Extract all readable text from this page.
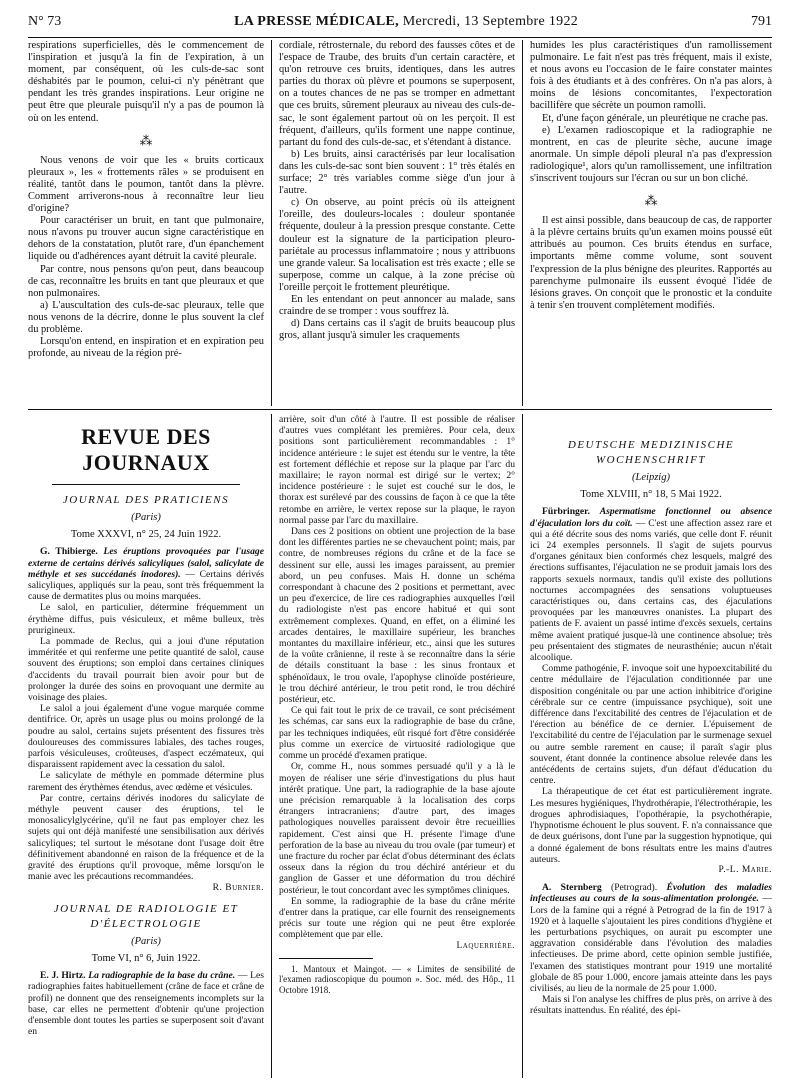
N° 73	LA PRESSE MÉDICALE, Mercredi, 13 Septembre 1922	791

respirations superficielles, dès le commencement de l'inspiration et jusqu'à la fin de l'expiration, à un moment, par conséquent, où les culs-de-sac sont déshabités par le poumon, celui-ci n'y pénètrant que pendant les très grandes inspirations. Leur origine ne peut être que pleurale puisqu'il n'y a pas de poumon là où on les entend.

⁂

Nous venons de voir que les « bruits corticaux pleuraux », les « frottements râles » se produisent en réalité, tantôt dans le poumon, tantôt dans la plèvre. Comment arriverons-nous à reconnaître leur lieu d'origine?

Pour caractériser un bruit, en tant que pulmonaire, nous n'avons pu trouver aucun signe caractéristique en dehors de la constatation, plutôt rare, d'un épanchement liquide ou d'adhérences ayant détruit la cavité pleurale.

Par contre, nous pensons qu'on peut, dans beaucoup de cas, reconnaître les bruits en tant que pleuraux et que non pulmonaires.

a) L'auscultation des culs-de-sac pleuraux, telle que nous venons de la décrire, donne le plus souvent la clef du problème.

Lorsqu'on entend, en inspiration et en expiration peu profonde, au niveau de la région pré-

cordiale, rétrosternale, du rebord des fausses côtes et de l'espace de Traube, des bruits d'un certain caractère, et qu'on retrouve ces bruits, identiques, dans les autres parties du thorax où plèvre et poumons se superposent, on a toutes chances de ne pas se tromper en admettant que ces bruits, sûrement pleuraux au niveau des culs-de-sac, le sont également partout où on les perçoit. Il est fréquent, d'ailleurs, qu'ils forment une nappe continue, partant du fond des culs-de-sac, et s'étendant à distance.

b) Les bruits, ainsi caractérisés par leur localisation dans les culs-de-sac sont bien souvent : 1° très étalés en surface; 2° très variables comme siège d'un jour à l'autre.

c) On observe, au point précis où ils atteignent l'oreille, des douleurs-locales : douleur spontanée fréquente, douleur à la pression presque constante. Cette douleur est la signature de la participation pleuro-pariétale au processus inflammatoire ; nous y attribuons une grande valeur. Sa localisation est très exacte ; elle se superpose, comme un calque, à la zone précise où l'oreille perçoit le frottement pleurétique.

En les entendant on peut annoncer au malade, sans craindre de se tromper : vous souffrez là.

d) Dans certains cas il s'agit de bruits beaucoup plus gros, allant jusqu'à simuler les craquements

humides les plus caractéristiques d'un ramollissement pulmonaire. Le fait n'est pas très fréquent, mais il existe, et nous avons eu l'occasion de le faire constater maintes fois à des étudiants et à des confrères. On n'a pas alors, à moins de lésions concomitantes, l'expectoration bacillifère que sécrète un poumon ramolli.

Et, d'une façon générale, un pleurétique ne crache pas.

e) L'examen radioscopique et la radiographie ne montrent, en cas de pleurite sèche, aucune image anormale. Un simple dépoli pleural n'a pas d'expression radiologique¹, alors qu'un ramollissement, une infiltration s'inscrivent toujours sur l'écran ou sur un bon cliché.

⁂

Il est ainsi possible, dans beaucoup de cas, de rapporter à la plèvre certains bruits qu'un examen moins poussé eût attribués au poumon. Ces bruits étendus en surface, importants même comme volume, sont souvent l'expression de la plus bénigne des pleurites. Rapportés au parenchyme pulmonaire ils eussent évoqué l'idée de lésions graves. On conçoit que le pronostic et la conduite à tenir s'en trouvent complètement modifiés.

REVUE DES JOURNAUX
JOURNAL DES PRATICIENS
(Paris)
Tome XXXVI, n° 25, 24 Juin 1922.

G. Thibierge. Les éruptions provoquées par l'usage externe de certains dérivés salicyliques (salol, salicylate de méthyle et ses succédanés inodores). — Certains dérivés salicyliques, appliqués sur la peau, sont très fréquemment la cause de dermatites plus ou moins marquées.

Le salol, en particulier, détermine fréquemment un érythème diffus, puis vésiculeux, et même bulleux, très prurigineux.

La pommade de Reclus, qui a joui d'une réputation imméritée et qui renferme une petite quantité de salol, cause souvent des éruptions; son emploi dans certaines cliniques d'accidents du travail pourrait bien avoir pour but de prolonger la durée des soins en provoquant une dermite au voisinage des plaies.

Le salol a joui également d'une vogue marquée comme dentifrice. Or, après un usage plus ou moins prolongé de la poudre au salol, certains sujets présentent des fissures très douloureuses des commissures labiales, des taches rouges, parfois vésiculeuses, croûteuses, d'aspect eczémateux, qui disparaissent rapidement avec la cessation du salol.

Le salicylate de méthyle en pommade détermine plus rarement des érythèmes étendus, avec œdème et vésicules.

Par contre, certains dérivés inodores du salicylate de méthyle peuvent causer des éruptions, tel le monosalicylglycérine, qu'il ne faut pas employer chez les sujets qui ont déjà manifesté une sensibilisation aux dérivés salicyliques; tel surtout le mésotane dont l'usage doit être définitivement abandonné en raison de la fréquence et de la gravité des éruptions qu'il provoque, même lorsqu'on le manie avec les précautions recommandées.

R. Burnier.
JOURNAL DE RADIOLOGIE ET D'ÉLECTROLOGIE
(Paris)
Tome VI, n° 6, Juin 1922.

E. J. Hirtz. La radiographie de la base du crâne. — Les radiographies faites habituellement (crâne de face et crâne de profil) ne donnent que des renseignements incomplets sur la base, car elles ne permettent d'obtenir qu'une projection d'ensemble dont toutes les parties se superposent soit d'avant en

arrière, soit d'un côté à l'autre. Il est possible de réaliser d'autres vues complétant les premières. Pour cela, deux positions sont particulièrement recommandables : 1° incidence antérieure : le sujet est étendu sur le ventre, la tête est fortement défléchie et repose sur la plaque par l'arc du maxillaire; le rayon normal est dirigé sur le vertex; 2° incidence postérieure : le sujet est couché sur le dos, le thorax est surélevé par des coussins de façon à ce que la tête retombe en arrière, le vertex repose sur la plaque, le rayon normal passe par l'arc du maxillaire.

Dans ces 2 positions on obtient une projection de la base dont les différentes parties ne se chevauchent point; mais, par contre, de nombreuses régions du crâne et de la face se dessinent sur elle, aussi les images paraissent, au premier abord, un peu confuses. Mais H. donne un schéma correspondant à chacune des 2 positions et permettant, avec un peu d'exercice, de lire ces radiographies auxquelles l'œil du radiologiste n'est pas encore habitué et qui sont extrêmement complexes. Quand, en effet, on a éliminé les arcades dentaires, le maxillaire supérieur, les branches montantes du maxillaire inférieur, etc., ainsi que les sutures de la voûte crânienne, il reste à se reconnaître dans la série de détails constituant la base : les sinus frontaux et sphénoïdaux, le trou ovale, l'apophyse clinoïde postérieure, le trou déchiré antérieur, le trou petit rond, le trou déchiré postérieur, etc.

Ce qui fait tout le prix de ce travail, ce sont précisément les schémas, car sans eux la radiographie de base du crâne, par les techniques indiquées, eût risqué fort d'être considérée plus comme un exercice de virtuosité radiologique que comme un procédé d'examen pratique.

Or, comme H., nous sommes persuadé qu'il y a là le moyen de réaliser une série d'investigations du plus haut intérêt pratique. Une part, la radiographie de la base ajoute une précision remarquable à la localisation des corps étrangers intracraniens; d'autre part, des images pathologiques nouvelles paraissent devoir être recueillies rapidement. C'est ainsi que H. présente l'image d'une perforation de la base au niveau du trou ovale (par tumeur) et une fracture du rocher par éclat d'obus déterminant des éclats osseux dans la région du trou déchiré antérieur et du ganglion de Gasser et une déformation du trou déchiré postérieur, le tout concordant avec les symptômes cliniques.

En somme, la radiographie de la base du crâne mérite d'entrer dans la pratique, car elle fournit des renseignements précis sur toute une région qui ne peut être explorée complètement que par elle.

Laquerrière.

1. Mantoux et Maingot. — « Limites de sensibilité de l'examen radioscopique du poumon ». Soc. méd. des Hôp., 11 Octobre 1918.

DEUTSCHE MEDIZINISCHE WOCHENSCHRIFT
(Leipzig)
Tome XLVIII, n° 18, 5 Mai 1922.

Fürbringer. Aspermatisme fonctionnel ou absence d'éjaculation lors du coït. — C'est une affection assez rare et qui a été décrite sous des noms variés, que celle dont F. réunit ici 24 exemples personnels. Il s'agit de sujets pourvus d'organes génitaux bien conformés chez lesquels, malgré des érections suffisantes, l'éjaculation ne se produit jamais lors des rapports sexuels normaux, tandis qu'il existe des pollutions nocturnes accompagnées des sensations voluptueuses caractéristiques ou, dans certains cas, des éjaculations provoquées par les manœuvres onanistes. La plupart des patients de F. avaient un passé intime d'excès sexuels, certains même avaient pratiqué jusque-là une continence absolue; très peu présentaient des stigmates de neurasthénie; aucun n'était alcoolique.

Comme pathogénie, F. invoque soit une hypoexcitabilité du centre médullaire de l'éjaculation conditionnée par une disposition congénitale ou par une action inhibitrice d'origine cérébrale sur ce centre (impuissance psychique), soit une différence dans l'excitabilité des centres de l'éjaculation et de l'érection au bénéfice de ce dernier. L'épuisement de l'excitabilité du centre de l'éjaculation par le surmenage sexuel ou autre semble rarement en cause; il paraît s'agir plus souvent, étant donnée la continence absolue relevée dans les antécédents de certains sujets, d'un défaut d'éducation du centre.

La thérapeutique de cet état est particulièrement ingrate. Les mesures hygiéniques, l'hydrothérapie, l'électrothérapie, les drogues aphrodisiaques, l'opothérapie, la psychothérapie, l'hypnotisme échouent le plus souvent. F. n'a connaissance que de deux guérisons, dont l'une par la suggestion hypnotique, qui a donné également de bons résultats entre les mains d'autres auteurs.

P.-L. Marie.

A. Sternberg (Petrograd). Évolution des maladies infectieuses au cours de la sous-alimentation prolongée. — Lors de la famine qui a régné à Petrograd de la fin de 1917 à 1920 et à laquelle s'ajoutaient les pires conditions d'hygiène et les perturbations psychiques, on aurait pu escompter une aggravation considérable dans l'évolution des maladies infectieuses. De prime abord, cette opinion semble justifiée, l'examen des statistiques montrant pour 1919 une mortalité globale de 85 pour 1.000, encore jamais atteinte dans les pays civilisés, au lieu de la normale de 25 pour 1.000.

Mais si l'on analyse les chiffres de plus près, on arrive à des résultats inattendus. En réalité, des épi-
